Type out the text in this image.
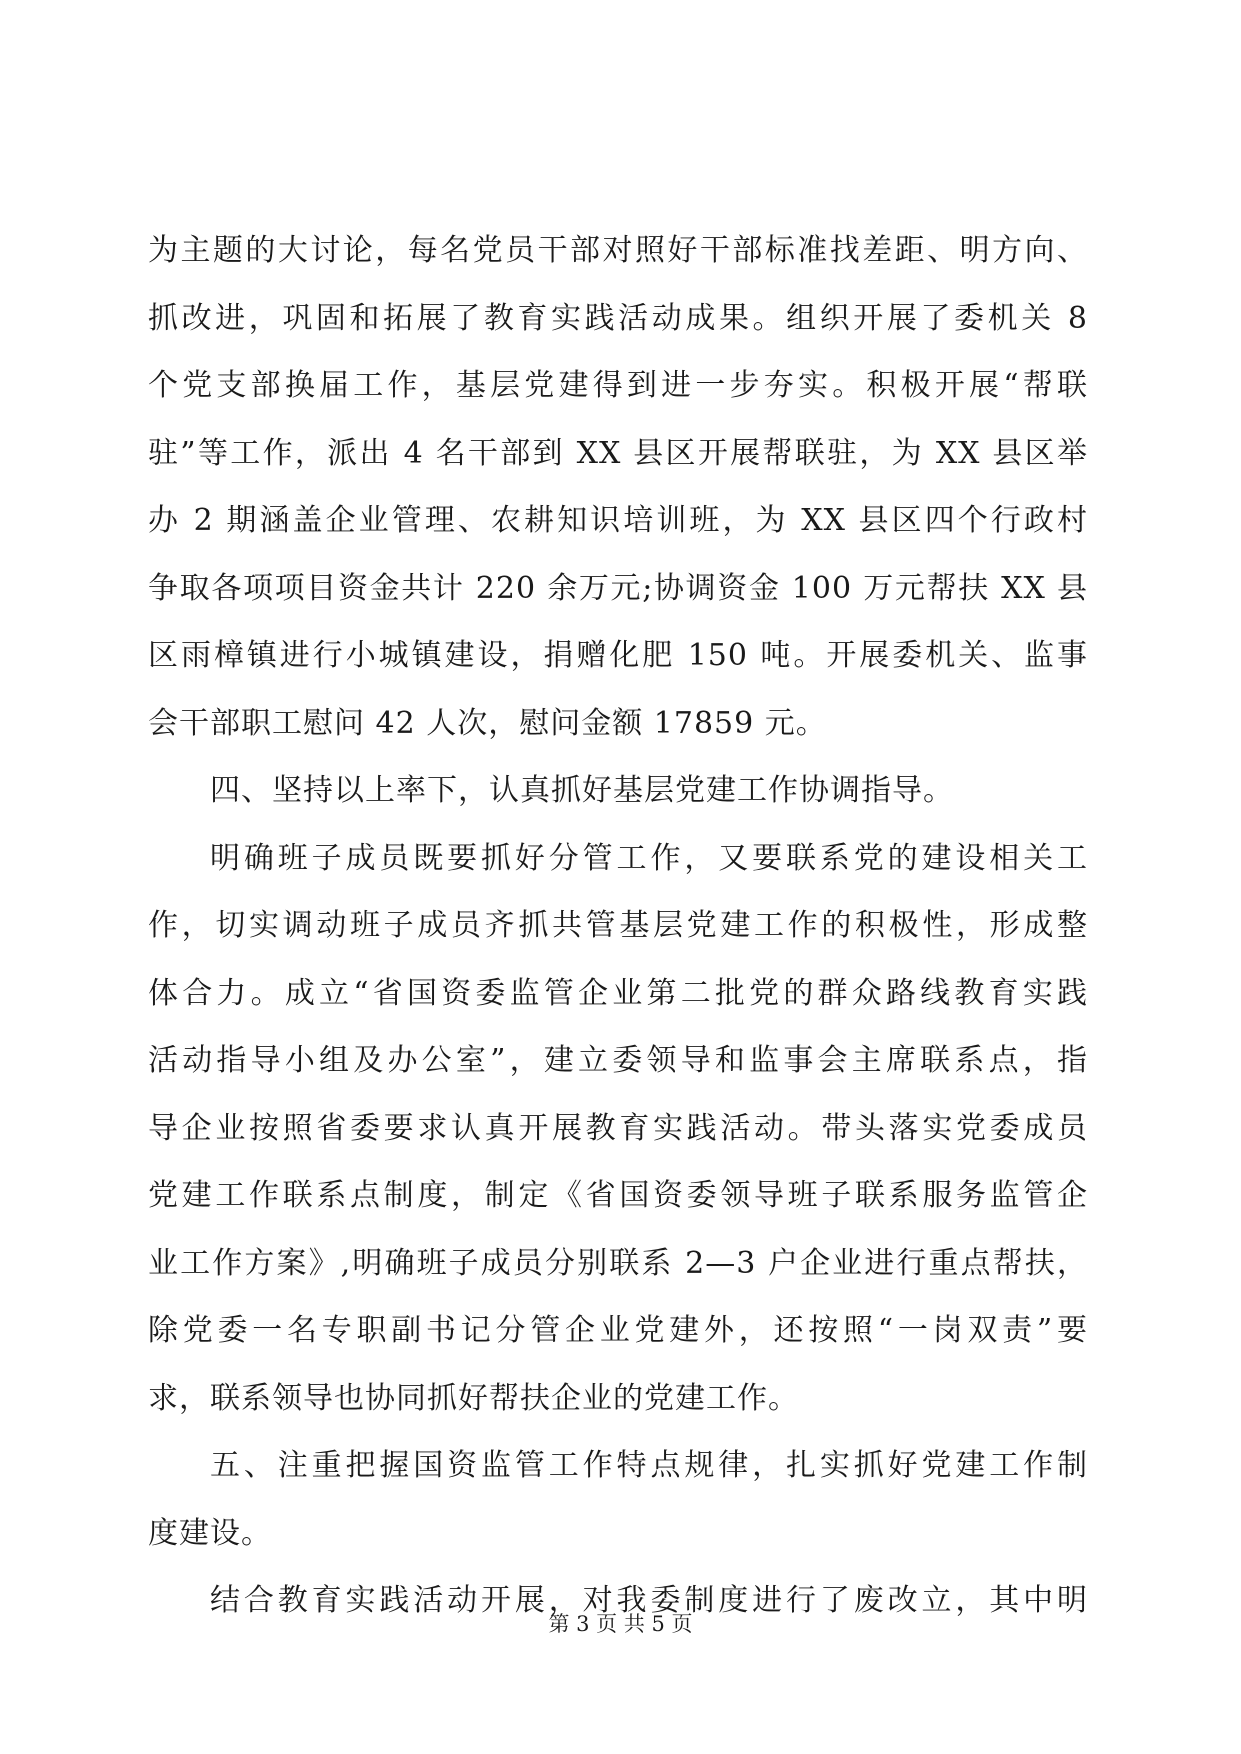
为主题的大讨论，每名党员干部对照好干部标准找差距、明方向、
抓改进，巩固和拓展了教育实践活动成果。组织开展了委机关 8
个党支部换届工作，基层党建得到进一步夯实。积极开展“帮联
驻”等工作，派出 4 名干部到 XX 县区开展帮联驻，为 XX 县区举
办 2 期涵盖企业管理、农耕知识培训班，为 XX 县区四个行政村
争取各项项目资金共计 220 余万元;协调资金 100 万元帮扶 XX 县
区雨樟镇进行小城镇建设，捐赠化肥 150 吨。开展委机关、监事
会干部职工慰问 42 人次，慰问金额 17859 元。
四、坚持以上率下，认真抓好基层党建工作协调指导。
明确班子成员既要抓好分管工作，又要联系党的建设相关工
作，切实调动班子成员齐抓共管基层党建工作的积极性，形成整
体合力。成立“省国资委监管企业第二批党的群众路线教育实践
活动指导小组及办公室”，建立委领导和监事会主席联系点，指
导企业按照省委要求认真开展教育实践活动。带头落实党委成员
党建工作联系点制度，制定《省国资委领导班子联系服务监管企
业工作方案》,明确班子成员分别联系 2—3 户企业进行重点帮扶，
除党委一名专职副书记分管企业党建外，还按照“一岗双责”要
求，联系领导也协同抓好帮扶企业的党建工作。
五、注重把握国资监管工作特点规律，扎实抓好党建工作制
度建设。
结合教育实践活动开展，对我委制度进行了废改立，其中明
第 3 页 共 5 页
